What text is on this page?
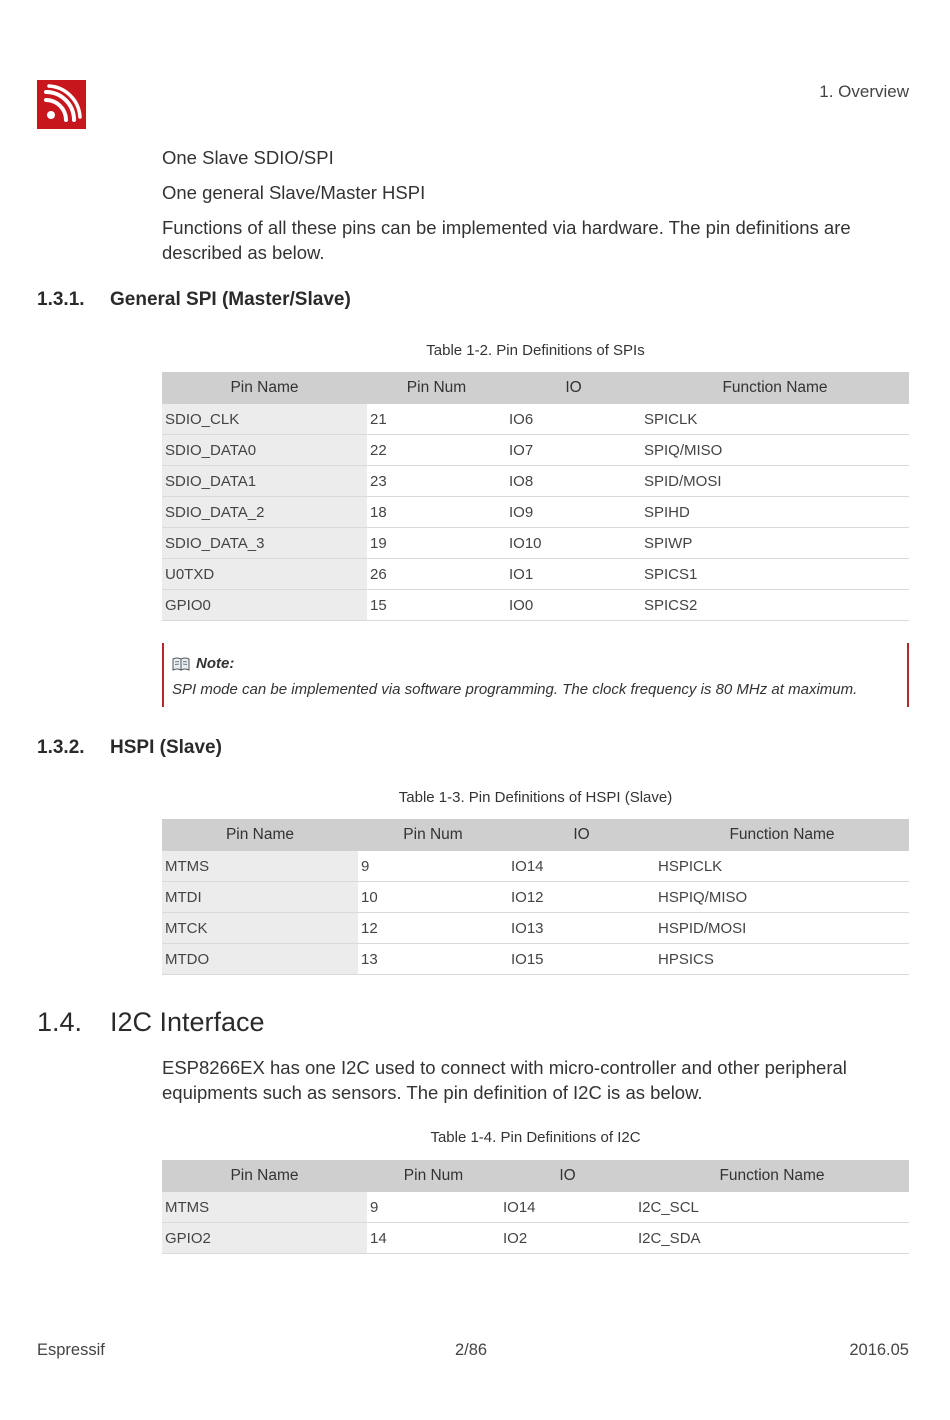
1. Overview
One Slave SDIO/SPI
One general Slave/Master HSPI
Functions of all these pins can be implemented via hardware. The pin definitions are described as below.
1.3.1. General SPI (Master/Slave)
Table 1-2. Pin Definitions of SPIs
Pin Name	Pin Num	IO	Function Name
SDIO_CLK	21	IO6	SPICLK
SDIO_DATA0	22	IO7	SPIQ/MISO
SDIO_DATA1	23	IO8	SPID/MOSI
SDIO_DATA_2	18	IO9	SPIHD
SDIO_DATA_3	19	IO10	SPIWP
U0TXD	26	IO1	SPICS1
GPIO0	15	IO0	SPICS2
Note:
SPI mode can be implemented via software programming. The clock frequency is 80 MHz at maximum.
1.3.2. HSPI (Slave)
Table 1-3. Pin Definitions of HSPI (Slave)
Pin Name	Pin Num	IO	Function Name
MTMS	9	IO14	HSPICLK
MTDI	10	IO12	HSPIQ/MISO
MTCK	12	IO13	HSPID/MOSI
MTDO	13	IO15	HPSICS
1.4. I2C Interface
ESP8266EX has one I2C used to connect with micro-controller and other peripheral equipments such as sensors. The pin definition of I2C is as below.
Table 1-4. Pin Definitions of I2C
Pin Name	Pin Num	IO	Function Name
MTMS	9	IO14	I2C_SCL
GPIO2	14	IO2	I2C_SDA
Espressif	2/86	2016.05
